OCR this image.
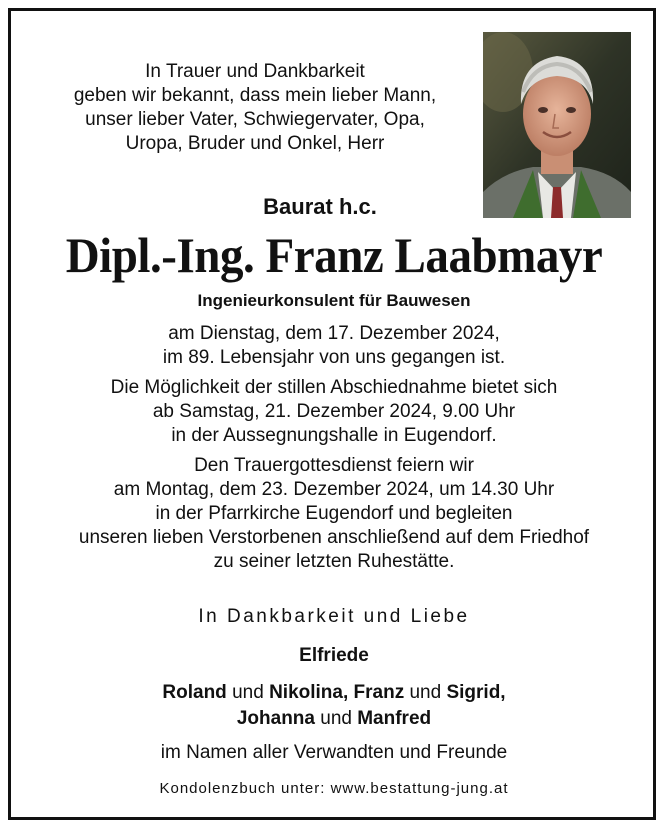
In Trauer und Dankbarkeit
geben wir bekannt, dass mein lieber Mann,
unser lieber Vater, Schwiegervater, Opa,
Uropa, Bruder und Onkel, Herr
Baurat h.c.
Dipl.-Ing. Franz Laabmayr
Ingenieurkonsulent für Bauwesen
am Dienstag, dem 17. Dezember 2024,
im 89. Lebensjahr von uns gegangen ist.
Die Möglichkeit der stillen Abschiednahme bietet sich
ab Samstag, 21. Dezember 2024, 9.00 Uhr
in der Aussegnungshalle in Eugendorf.
Den Trauergottesdienst feiern wir
am Montag, dem 23. Dezember 2024, um 14.30 Uhr
in der Pfarrkirche Eugendorf und begleiten
unseren lieben Verstorbenen anschließend auf dem Friedhof
zu seiner letzten Ruhestätte.
In Dankbarkeit und Liebe
Elfriede
Roland und Nikolina, Franz und Sigrid,
Johanna und Manfred
im Namen aller Verwandten und Freunde
Kondolenzbuch unter: www.bestattung-jung.at
